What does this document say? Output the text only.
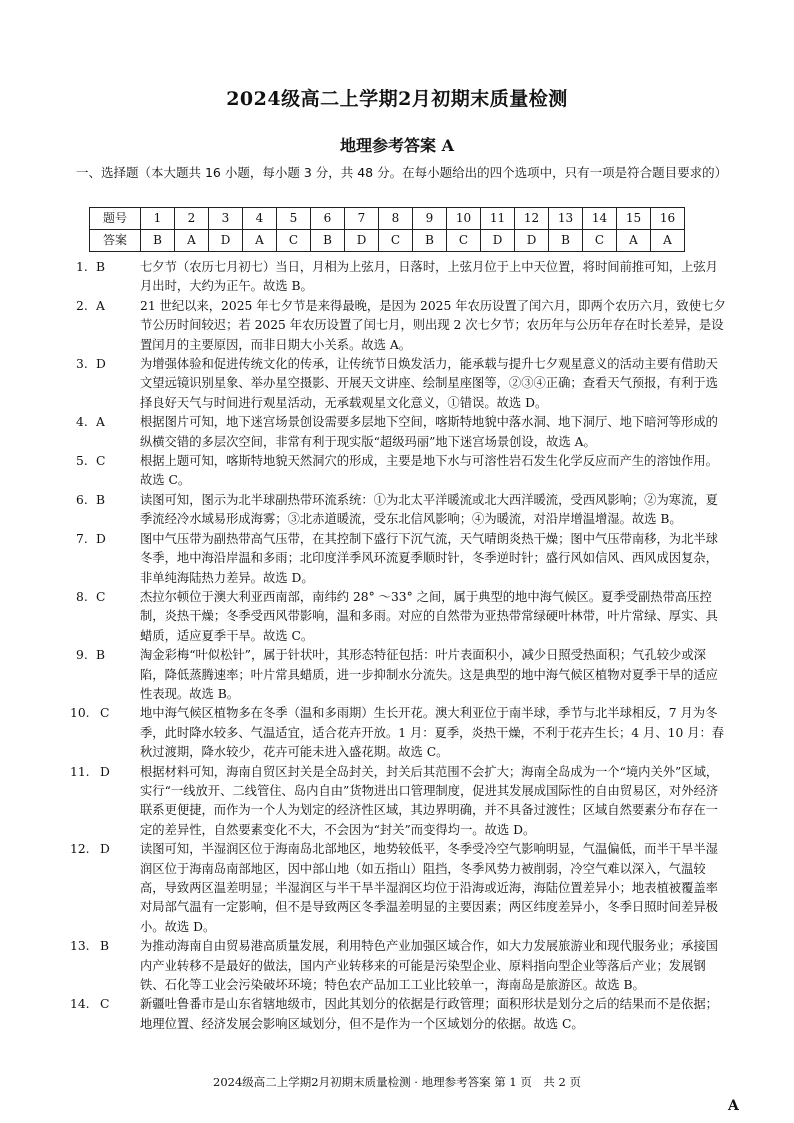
2024级高二上学期2月初期末质量检测
地理参考答案 A
一、选择题（本大题共 16 小题，每小题 3 分，共 48 分。在每小题给出的四个选项中，只有一项是符合题目要求的）
题号	1	2	3	4	5	6	7	8	9	10	11	12	13	14	15	16
答案	B	A	D	A	C	B	D	C	B	C	D	D	B	C	A	A
1. B	七夕节（农历七月初七）当日，月相为上弦月，日落时，上弦月位于上中天位置，将时间前推可知，上弦月月出时，大约为正午。故选 B。
2. A	21 世纪以来，2025 年七夕节是来得最晚，是因为 2025 年农历设置了闰六月，即两个农历六月，致使七夕节公历时间较迟；若 2025 年农历设置了闰七月，则出现 2 次七夕节；农历年与公历年存在时长差异，是设置闰月的主要原因，而非日期大小关系。故选 A。
3. D	为增强体验和促进传统文化的传承，让传统节日焕发活力，能承载与提升七夕观星意义的活动主要有借助天文望远镜识别星象、举办星空摄影、开展天文讲座、绘制星座图等，②③④正确；查看天气预报，有利于选择良好天气与时间进行观星活动，无承载观星文化意义，①错误。故选 D。
4. A	根据图片可知，地下迷宫场景创设需要多层地下空间，喀斯特地貌中落水洞、地下洞厅、地下暗河等形成的纵横交错的多层次空间，非常有利于现实版“超级玛丽”地下迷宫场景创设，故选 A。
5. C	根据上题可知，喀斯特地貌天然洞穴的形成，主要是地下水与可溶性岩石发生化学反应而产生的溶蚀作用。故选 C。
6. B	读图可知，图示为北半球副热带环流系统：①为北太平洋暖流或北大西洋暖流，受西风影响；②为寒流，夏季流经冷水域易形成海雾；③北赤道暖流，受东北信风影响；④为暖流，对沿岸增温增湿。故选 B。
7. D	图中气压带为副热带高气压带，在其控制下盛行下沉气流，天气晴朗炎热干燥；图中气压带南移，为北半球冬季，地中海沿岸温和多雨；北印度洋季风环流夏季顺时针，冬季逆时针；盛行风如信风、西风成因复杂，非单纯海陆热力差异。故选 D。
8. C	杰拉尔顿位于澳大利亚西南部，南纬约 28° ～33° 之间，属于典型的地中海气候区。夏季受副热带高压控制，炎热干燥；冬季受西风带影响，温和多雨。对应的自然带为亚热带常绿硬叶林带，叶片常绿、厚实、具蜡质，适应夏季干旱。故选 C。
9. B	淘金彩梅“叶似松针”，属于针状叶，其形态特征包括：叶片表面积小，减少日照受热面积；气孔较少或深陷，降低蒸腾速率；叶片常具蜡质，进一步抑制水分流失。这是典型的地中海气候区植物对夏季干旱的适应性表现。故选 B。
10. C 地中海气候区植物多在冬季（温和多雨期）生长开花。澳大利亚位于南半球，季节与北半球相反，7 月为冬季，此时降水较多、气温适宜，适合花卉开放。1 月：夏季，炎热干燥，不利于花卉生长；4 月、10 月：春秋过渡期，降水较少，花卉可能未进入盛花期。故选 C。
11. D 根据材料可知，海南自贸区封关是全岛封关，封关后其范围不会扩大；海南全岛成为一个“境内关外”区域，实行“一线放开、二线管住、岛内自由”货物进出口管理制度，促进其发展成国际性的自由贸易区，对外经济联系更便捷，而作为一个人为划定的经济性区域，其边界明确，并不具备过渡性；区域自然要素分布存在一定的差异性，自然要素变化不大，不会因为“封关”而变得均一。故选 D。
12. D 读图可知，半湿润区位于海南岛北部地区，地势较低平，冬季受冷空气影响明显，气温偏低，而半干旱半湿润区位于海南岛南部地区，因中部山地（如五指山）阻挡，冬季风势力被削弱，冷空气难以深入，气温较高，导致两区温差明显；半湿润区与半干旱半湿润区均位于沿海或近海，海陆位置差异小；地表植被覆盖率对局部气温有一定影响，但不是导致两区冬季温差明显的主要因素；两区纬度差异小，冬季日照时间差异极小。故选 D。
13. B	为推动海南自由贸易港高质量发展，利用特色产业加强区域合作，如大力发展旅游业和现代服务业；承接国内产业转移不是最好的做法，国内产业转移来的可能是污染型企业、原料指向型企业等落后产业；发展钢铁、石化等工业会污染破坏环境；特色农产品加工工业比较单一，海南岛是旅游区。故选 B。
14. C 新疆吐鲁番市是山东省辖地级市，因此其划分的依据是行政管理；面积形状是划分之后的结果而不是依据；地理位置、经济发展会影响区域划分，但不是作为一个区域划分的依据。故选 C。
2024级高二上学期2月初期末质量检测 · 地理参考答案 第 1 页　共 2 页
A
